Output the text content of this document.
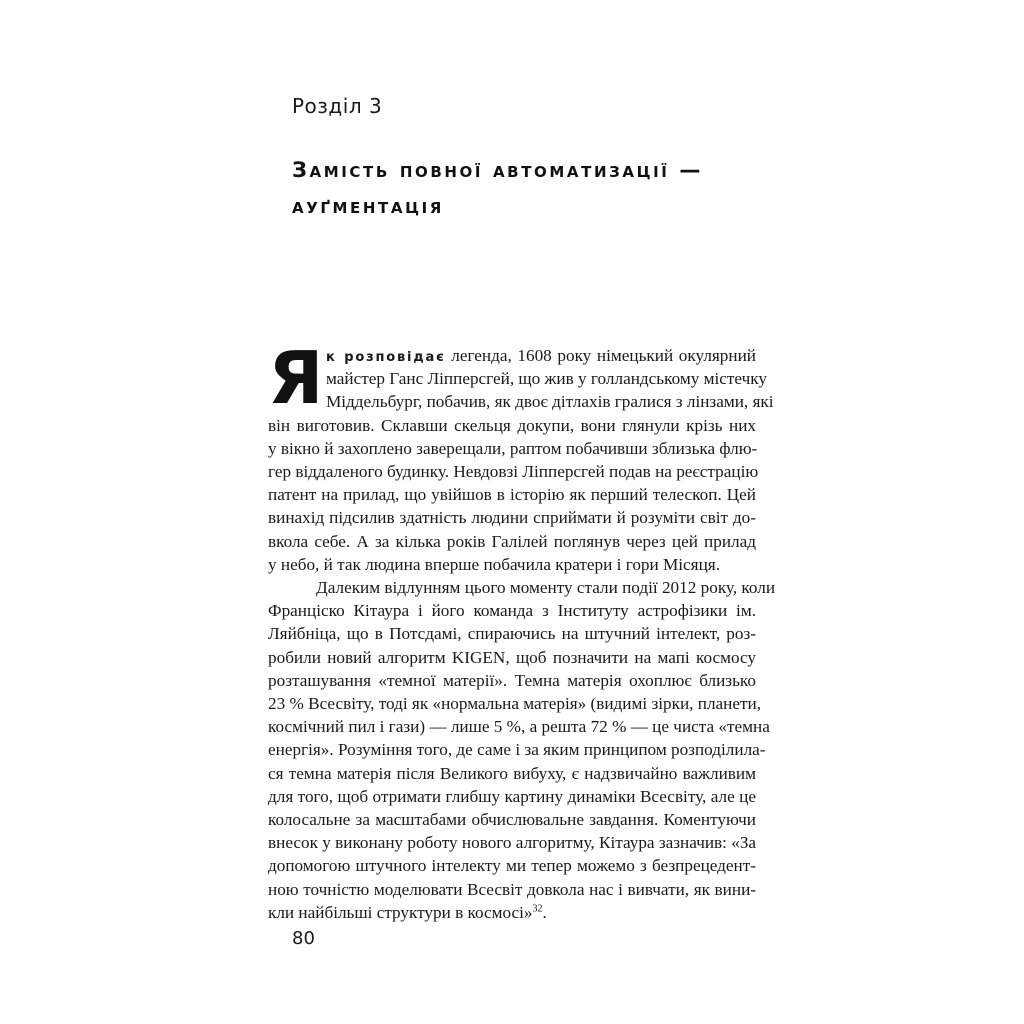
Розділ 3
Замість повної автоматизації —
ауґментація
Я к розповідає легенда, 1608 року німецький окулярний
майстер Ганс Ліпперсгей, що жив у голландському містечку
Міддельбург, побачив, як двоє дітлахів гралися з лінзами, які
він виготовив. Склавши скельця докупи, вони глянули крізь них
у вікно й захоплено заверещали, раптом побачивши зблизька флю-
гер віддаленого будинку. Невдовзі Ліпперсгей подав на реєстрацію
патент на прилад, що увійшов в історію як перший телескоп. Цей
винахід підсилив здатність людини сприймати й розуміти світ до-
вкола себе. А за кілька років Галілей поглянув через цей прилад
у небо, й так людина вперше побачила кратери і гори Місяця.
Далеким відлунням цього моменту стали події 2012 року, коли
Франціско Кітаура і його команда з Інституту астрофізики ім.
Ляйбніца, що в Потсдамі, спираючись на штучний інтелект, роз-
робили новий алгоритм KIGEN, щоб позначити на мапі космосу
розташування «темної матерії». Темна матерія охоплює близько
23 % Всесвіту, тоді як «нормальна матерія» (видимі зірки, планети,
космічний пил і гази) — лише 5 %, а решта 72 % — це чиста «темна
енергія». Розуміння того, де саме і за яким принципом розподілила-
ся темна матерія після Великого вибуху, є надзвичайно важливим
для того, щоб отримати глибшу картину динаміки Всесвіту, але це
колосальне за масштабами обчислювальне завдання. Коментуючи
внесок у виконану роботу нового алгоритму, Кітаура зазначив: «За
допомогою штучного інтелекту ми тепер можемо з безпрецедент-
ною точністю моделювати Всесвіт довкола нас і вивчати, як вини-
кли найбільші структури в космосі»$^{32}$.
80
